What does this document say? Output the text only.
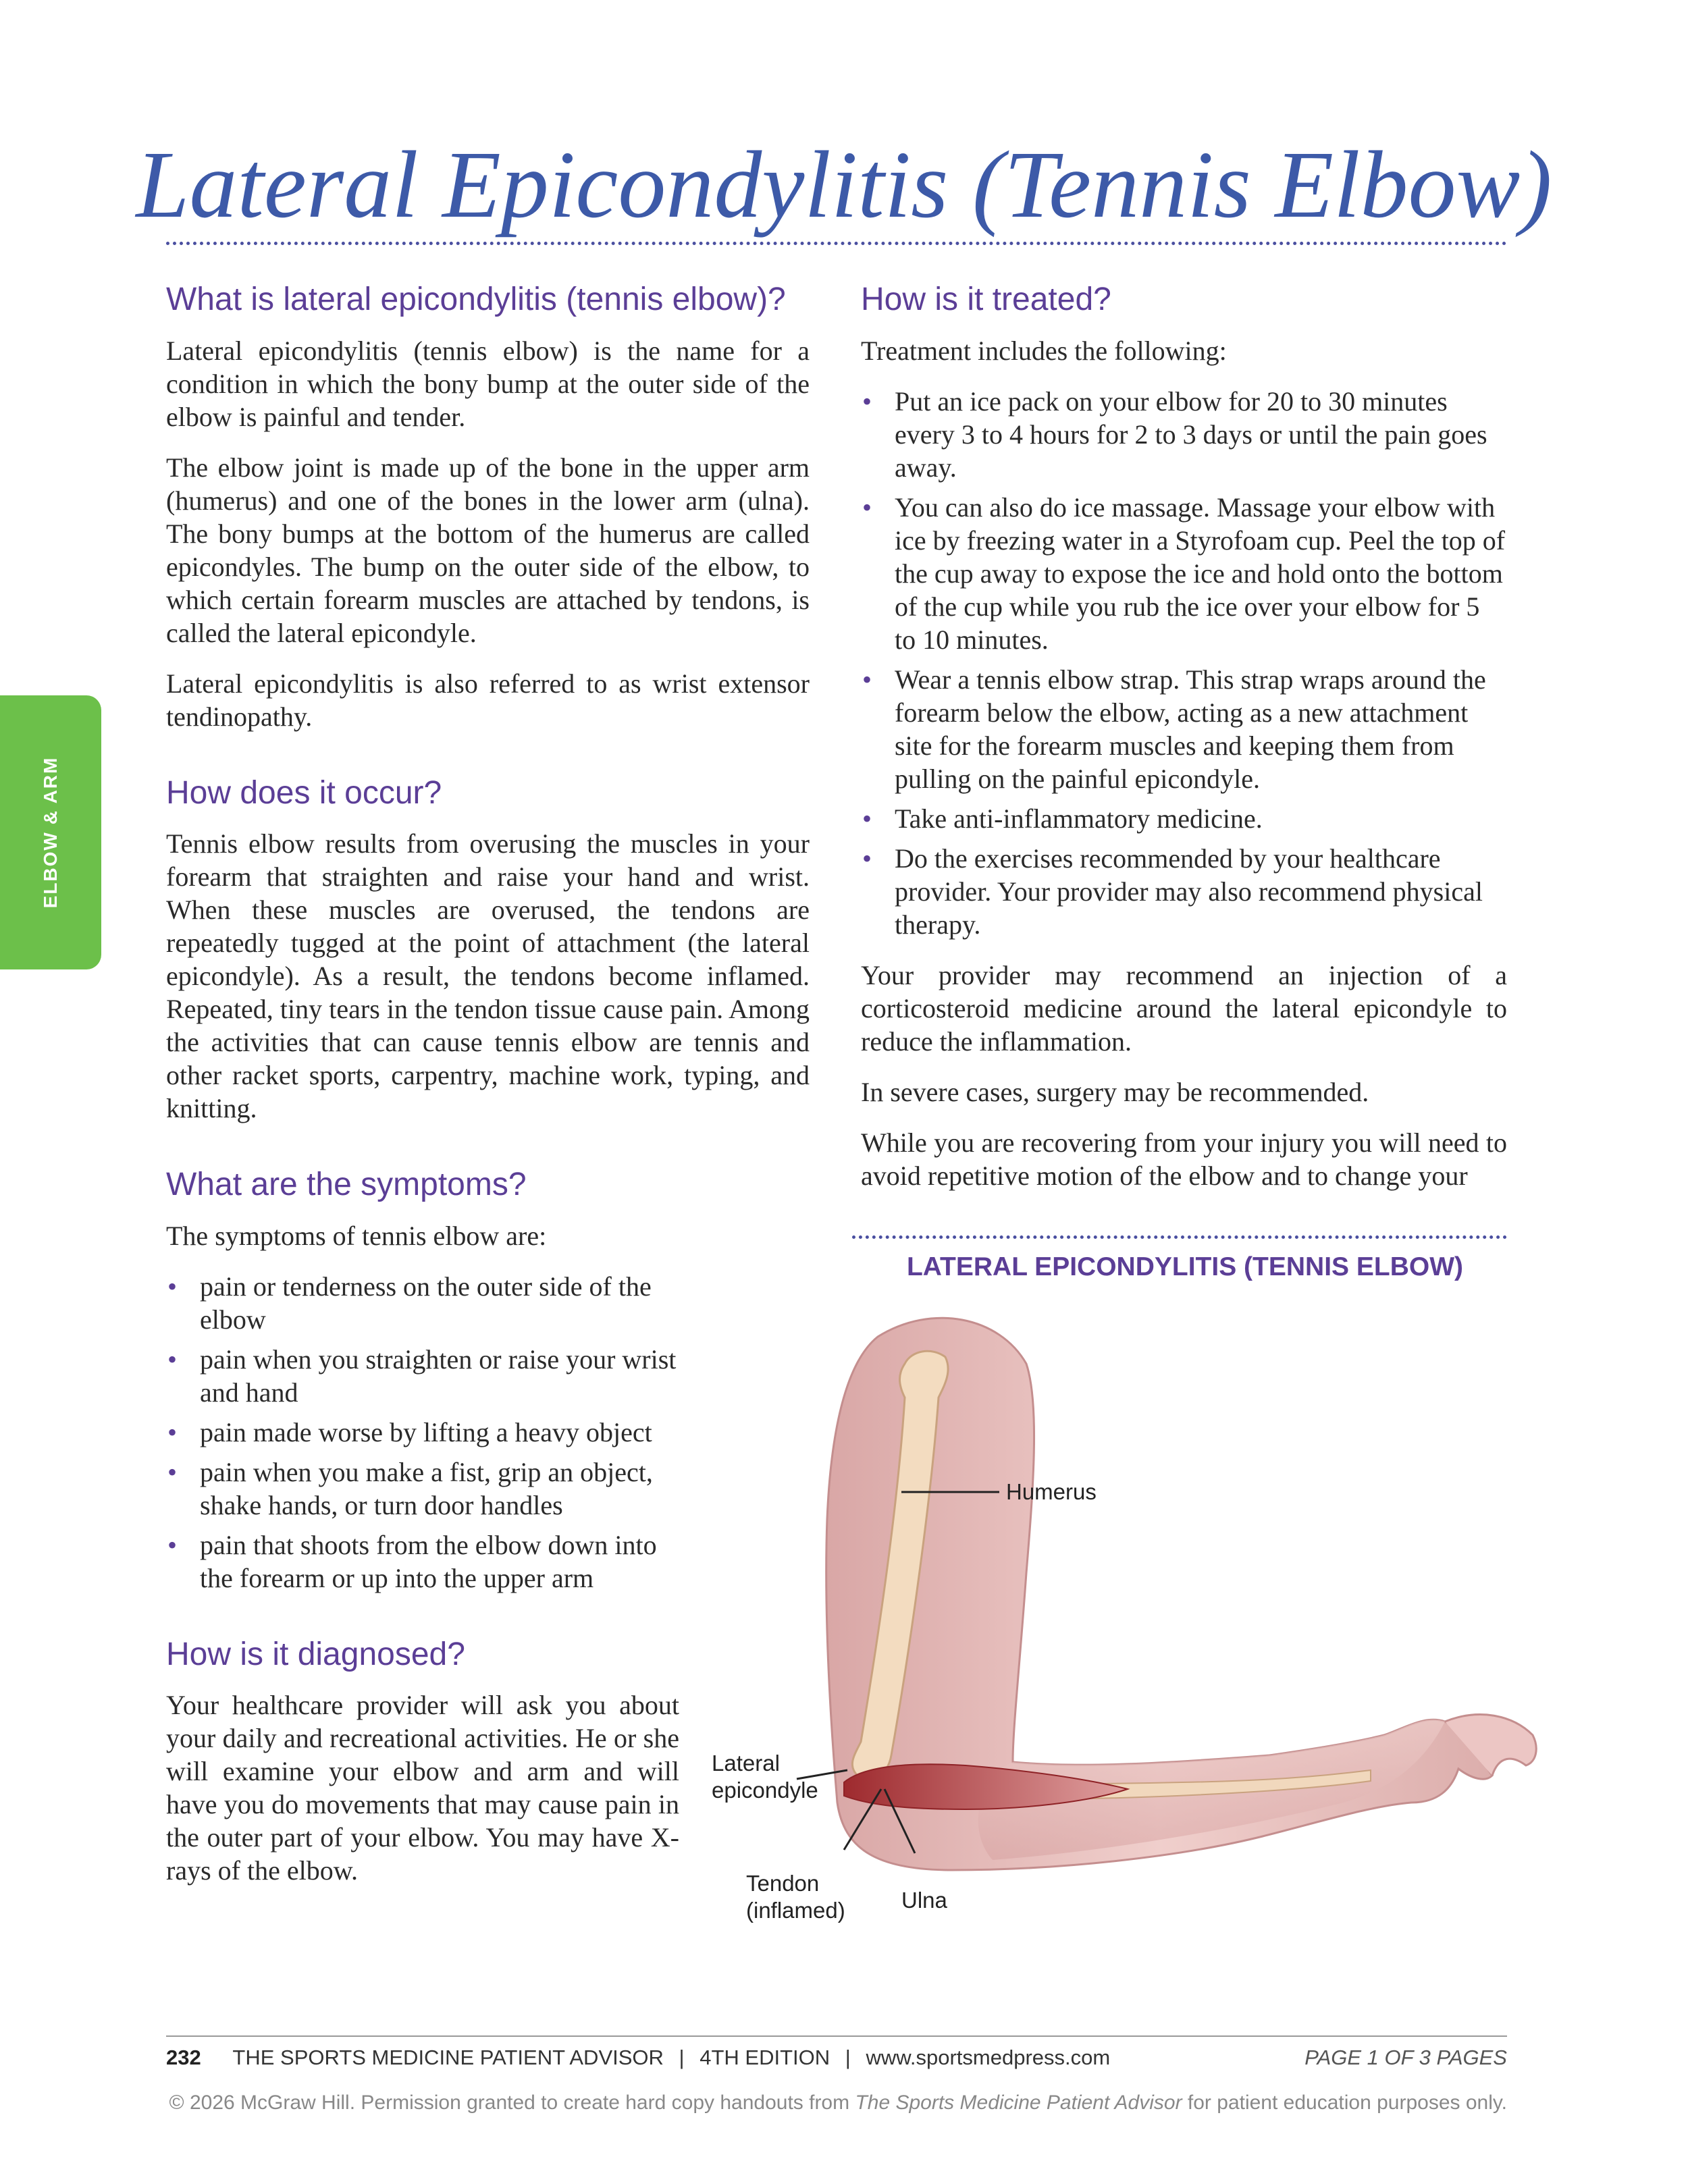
Lateral Epicondylitis (Tennis Elbow)
ELBOW & ARM
What is lateral epicondylitis (tennis elbow)?

Lateral epicondylitis (tennis elbow) is the name for a condition in which the bony bump at the outer side of the elbow is painful and tender.

The elbow joint is made up of the bone in the upper arm (humerus) and one of the bones in the lower arm (ulna). The bony bumps at the bottom of the humerus are called epicondyles. The bump on the outer side of the elbow, to which certain forearm muscles are attached by tendons, is called the lateral epicondyle.

Lateral epicondylitis is also referred to as wrist extensor tendinopathy.

How does it occur?

Tennis elbow results from overusing the muscles in your forearm that straighten and raise your hand and wrist. When these muscles are overused, the tendons are repeatedly tugged at the point of attachment (the lateral epicondyle). As a result, the tendons become inflamed. Repeated, tiny tears in the tendon tissue cause pain. Among the activities that can cause tennis elbow are tennis and other racket sports, carpentry, machine work, typing, and knitting.

What are the symptoms?

The symptoms of tennis elbow are:

• pain or tenderness on the outer side of the elbow
• pain when you straighten or raise your wrist and hand
• pain made worse by lifting a heavy object
• pain when you make a fist, grip an object, shake hands, or turn door handles
• pain that shoots from the elbow down into the forearm or up into the upper arm
How is it diagnosed?

Your healthcare provider will ask you about your daily and recreational activities. He or she will examine your elbow and arm and will have you do movements that may cause pain in the outer part of your elbow. You may have X-rays of the elbow.

How is it treated?

Treatment includes the following:

• Put an ice pack on your elbow for 20 to 30 minutes every 3 to 4 hours for 2 to 3 days or until the pain goes away.
• You can also do ice massage. Massage your elbow with ice by freezing water in a Styrofoam cup. Peel the top of the cup away to expose the ice and hold onto the bottom of the cup while you rub the ice over your elbow for 5 to 10 minutes.
• Wear a tennis elbow strap. This strap wraps around the forearm below the elbow, acting as a new attachment site for the forearm muscles and keeping them from pulling on the painful epicondyle.
• Take anti-inflammatory medicine.
• Do the exercises recommended by your healthcare provider. Your provider may also recommend physical therapy.

Your provider may recommend an injection of a corticosteroid medicine around the lateral epicondyle to reduce the inflammation.

In severe cases, surgery may be recommended.

While you are recovering from your injury you will need to avoid repetitive motion of the elbow and to change your

LATERAL EPICONDYLITIS (TENNIS ELBOW)
Humerus
Lateral
epicondyle
Tendon
(inflamed)	Ulna
232 THE SPORTS MEDICINE PATIENT ADVISOR | 4TH EDITION | www.sportsmedpress.com	PAGE 1 OF 3 PAGES
© 2026 McGraw Hill. Permission granted to create hard copy handouts from The Sports Medicine Patient Advisor for patient education purposes only.
